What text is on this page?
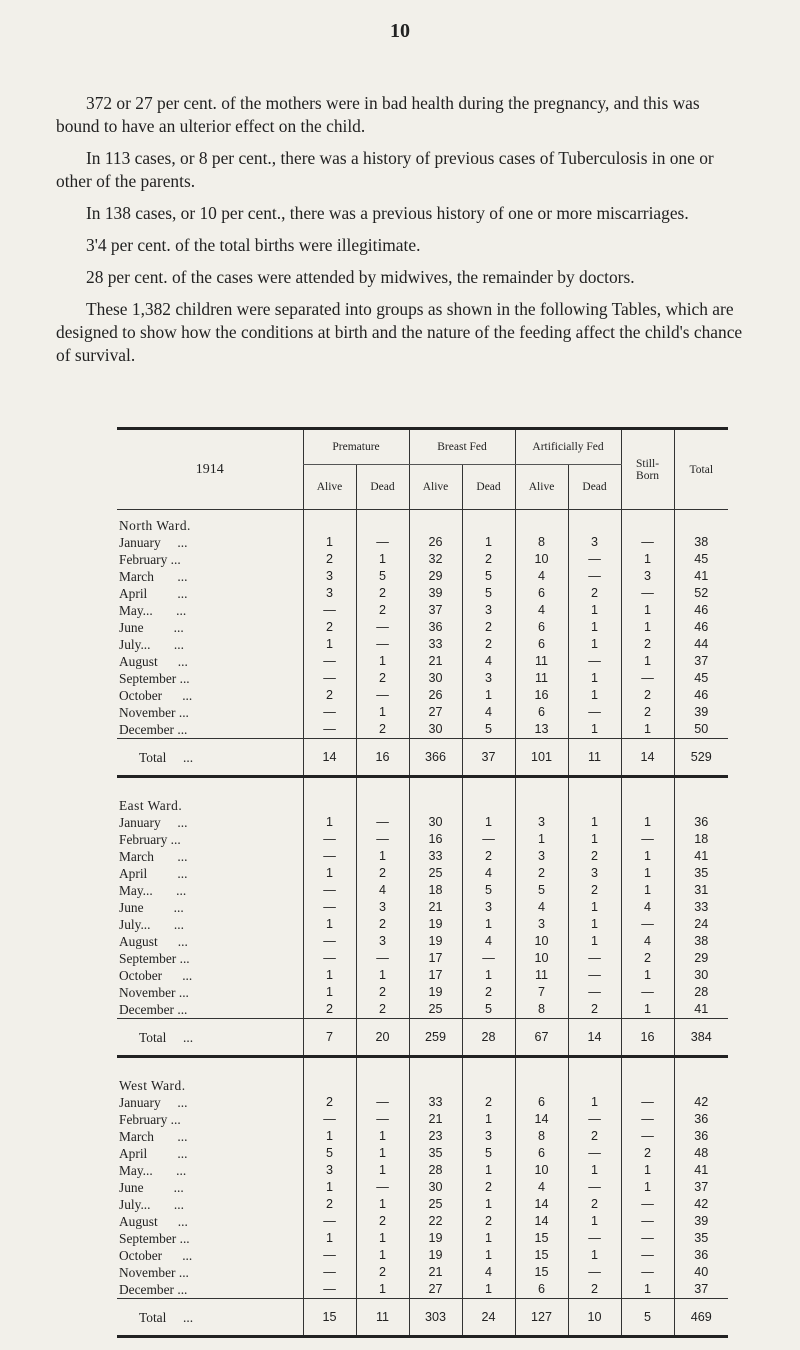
10

372 or 27 per cent. of the mothers were in bad health during the pregnancy, and this was bound to have an ulterior effect on the child.

In 113 cases, or 8 per cent., there was a history of previous cases of Tuberculosis in one or other of the parents.

In 138 cases, or 10 per cent., there was a previous history of one or more miscarriages.

3'4 per cent. of the total births were illegitimate.

28 per cent. of the cases were attended by midwives, the remainder by doctors.

These 1,382 children were separated into groups as shown in the following Tables, which are designed to show how the conditions at birth and the nature of the feeding affect the child's chance of survival.

1914	Premature		Breast Fed		Artificially Fed		Still-
Born	Total
	Alive	Dead	Alive	Dead	Alive	Dead		
North Ward.								
January     ...	1	—	26	1	8	3	—	38
February ...	2	1	32	2	10	—	1	45
March       ...	3	5	29	5	4	—	3	41
April         ...	3	2	39	5	6	2	—	52
May...       ...	—	2	37	3	4	1	1	46
June         ...	2	—	36	2	6	1	1	46
July...       ...	1	—	33	2	6	1	2	44
August      ...	—	1	21	4	11	—	1	37
September ...	—	2	30	3	11	1	—	45
October      ...	2	—	26	1	16	1	2	46
November ...	—	1	27	4	6	—	2	39
December ...	—	2	30	5	13	1	1	50
Total     ...	14	16	366	37	101	11	14	529
East Ward.								
January     ...	1	—	30	1	3	1	1	36
February ...	—	—	16	—	1	1	—	18
March       ...	—	1	33	2	3	2	1	41
April         ...	1	2	25	4	2	3	1	35
May...       ...	—	4	18	5	5	2	1	31
June         ...	—	3	21	3	4	1	4	33
July...       ...	1	2	19	1	3	1	—	24
August      ...	—	3	19	4	10	1	4	38
September ...	—	—	17	—	10	—	2	29
October      ...	1	1	17	1	11	—	1	30
November ...	1	2	19	2	7	—	—	28
December ...	2	2	25	5	8	2	1	41
Total     ...	7	20	259	28	67	14	16	384
West Ward.								
January     ...	2	—	33	2	6	1	—	42
February ...	—	—	21	1	14	—	—	36
March       ...	1	1	23	3	8	2	—	36
April         ...	5	1	35	5	6	—	2	48
May...       ...	3	1	28	1	10	1	1	41
June         ...	1	—	30	2	4	—	1	37
July...       ...	2	1	25	1	14	2	—	42
August      ...	—	2	22	2	14	1	—	39
September ...	1	1	19	1	15	—	—	35
October      ...	—	1	19	1	15	1	—	36
November ...	—	2	21	4	15	—	—	40
December ...	—	1	27	1	6	2	1	37
Total     ...	15	11	303	24	127	10	5	469
